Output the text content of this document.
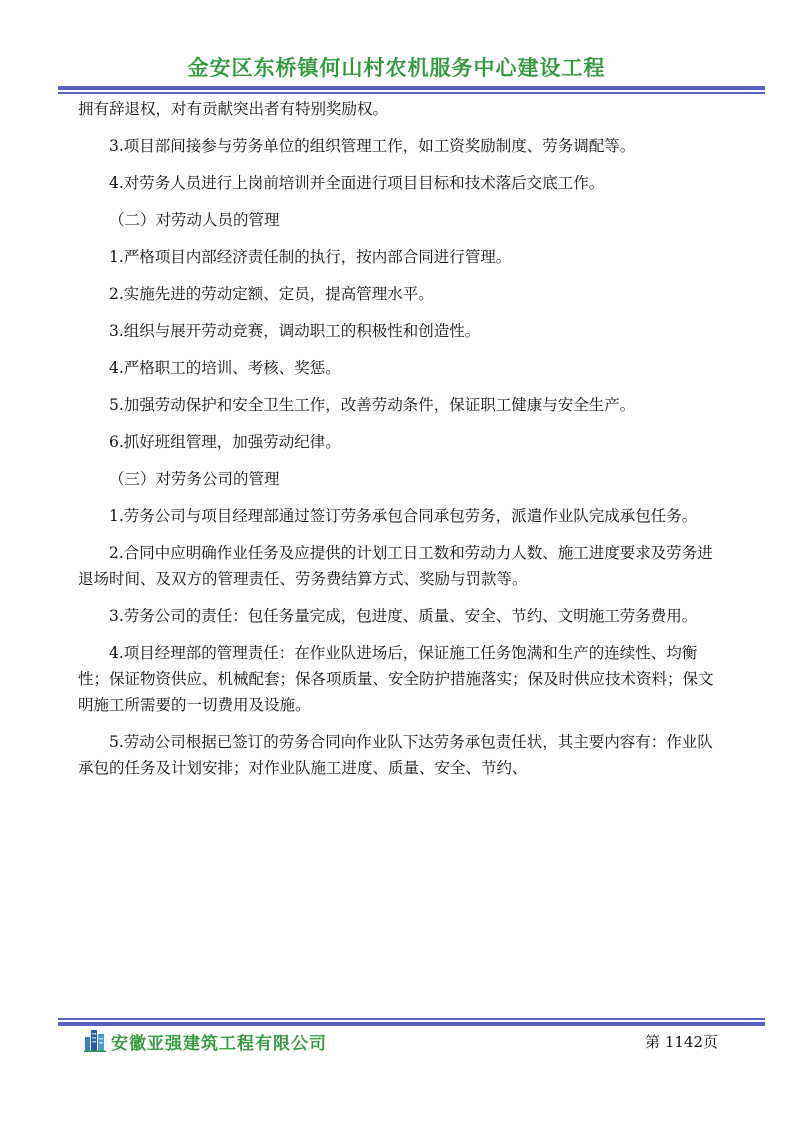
金安区东桥镇何山村农机服务中心建设工程

拥有辞退权，对有贡献突出者有特别奖励权。

3.项目部间接参与劳务单位的组织管理工作，如工资奖励制度、劳务调配等。

4.对劳务人员进行上岗前培训并全面进行项目目标和技术落后交底工作。

（二）对劳动人员的管理

1.严格项目内部经济责任制的执行，按内部合同进行管理。

2.实施先进的劳动定额、定员，提高管理水平。

3.组织与展开劳动竞赛，调动职工的积极性和创造性。

4.严格职工的培训、考核、奖惩。

5.加强劳动保护和安全卫生工作，改善劳动条件，保证职工健康与安全生产。

6.抓好班组管理，加强劳动纪律。

（三）对劳务公司的管理

1.劳务公司与项目经理部通过签订劳务承包合同承包劳务，派遣作业队完成承包任务。

2.合同中应明确作业任务及应提供的计划工日工数和劳动力人数、施工进度要求及劳务进退场时间、及双方的管理责任、劳务费结算方式、奖励与罚款等。

3.劳务公司的责任：包任务量完成，包进度、质量、安全、节约、文明施工劳务费用。

4.项目经理部的管理责任：在作业队进场后，保证施工任务饱满和生产的连续性、均衡性；保证物资供应、机械配套；保各项质量、安全防护措施落实；保及时供应技术资料；保文明施工所需要的一切费用及设施。

5.劳动公司根据已签订的劳务合同向作业队下达劳务承包责任状，其主要内容有：作业队承包的任务及计划安排；对作业队施工进度、质量、安全、节约、

安徽亚强建筑工程有限公司	第 1142页
